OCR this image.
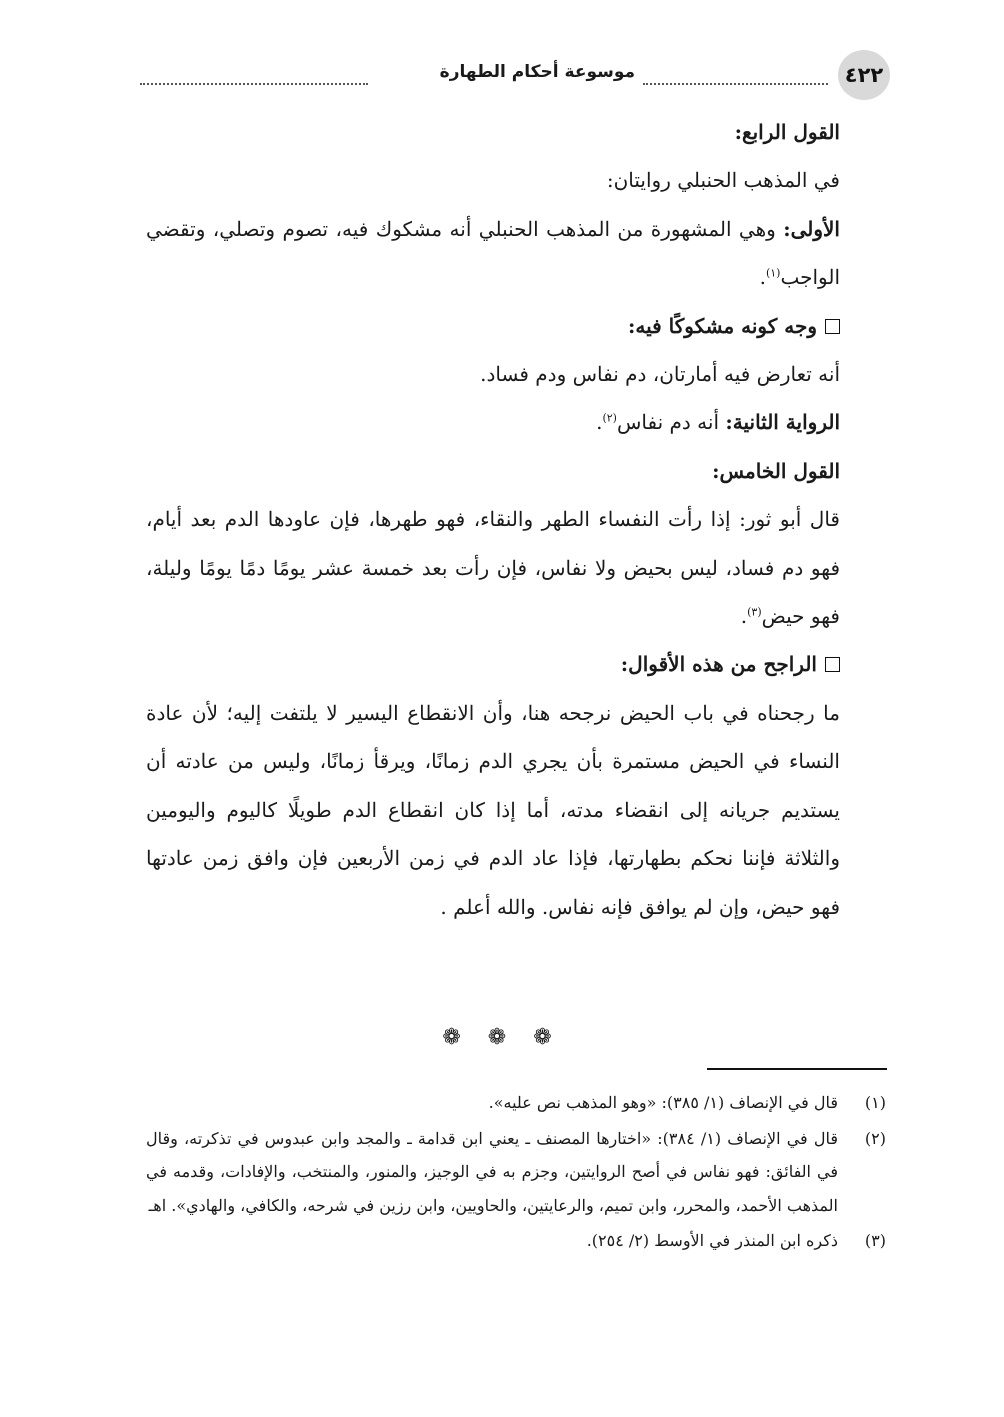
٤٢٢
موسوعة أحكام الطهارة

القول الرابع:

في المذهب الحنبلي روايتان:

الأولى: وهي المشهورة من المذهب الحنبلي أنه مشكوك فيه، تصوم وتصلي، وتقضي الواجب$^{(١)}$.

وجه كونه مشكوكًا فيه:

أنه تعارض فيه أمارتان، دم نفاس ودم فساد.

الرواية الثانية: أنه دم نفاس$^{(٢)}$.

القول الخامس:

قال أبو ثور: إذا رأت النفساء الطهر والنقاء، فهو طهرها، فإن عاودها الدم بعد أيام، فهو دم فساد، ليس بحيض ولا نفاس، فإن رأت بعد خمسة عشر يومًا دمًا يومًا وليلة، فهو حيض$^{(٣)}$.

الراجح من هذه الأقوال:

ما رجحناه في باب الحيض نرجحه هنا، وأن الانقطاع اليسير لا يلتفت إليه؛ لأن عادة النساء في الحيض مستمرة بأن يجري الدم زمانًا، ويرقأ زمانًا، وليس من عادته أن يستديم جريانه إلى انقضاء مدته، أما إذا كان انقطاع الدم طويلًا كاليوم واليومين والثلاثة فإننا نحكم بطهارتها، فإذا عاد الدم في زمن الأربعين فإن وافق زمن عادتها فهو حيض، وإن لم يوافق فإنه نفاس. والله أعلم .

❁ ❁ ❁
(١)
قال في الإنصاف (١/ ٣٨٥): «وهو المذهب نص عليه».
(٢)
قال في الإنصاف (١/ ٣٨٤): «اختارها المصنف ـ يعني ابن قدامة ـ والمجد وابن عبدوس في تذكرته، وقال في الفائق: فهو نفاس في أصح الروايتين، وجزم به في الوجيز، والمنور، والمنتخب، والإفادات، وقدمه في المذهب الأحمد، والمحرر، وابن تميم، والرعايتين، والحاويين، وابن رزين في شرحه، والكافي، والهادي». اهـ
(٣)
ذكره ابن المنذر في الأوسط (٢/ ٢٥٤).
